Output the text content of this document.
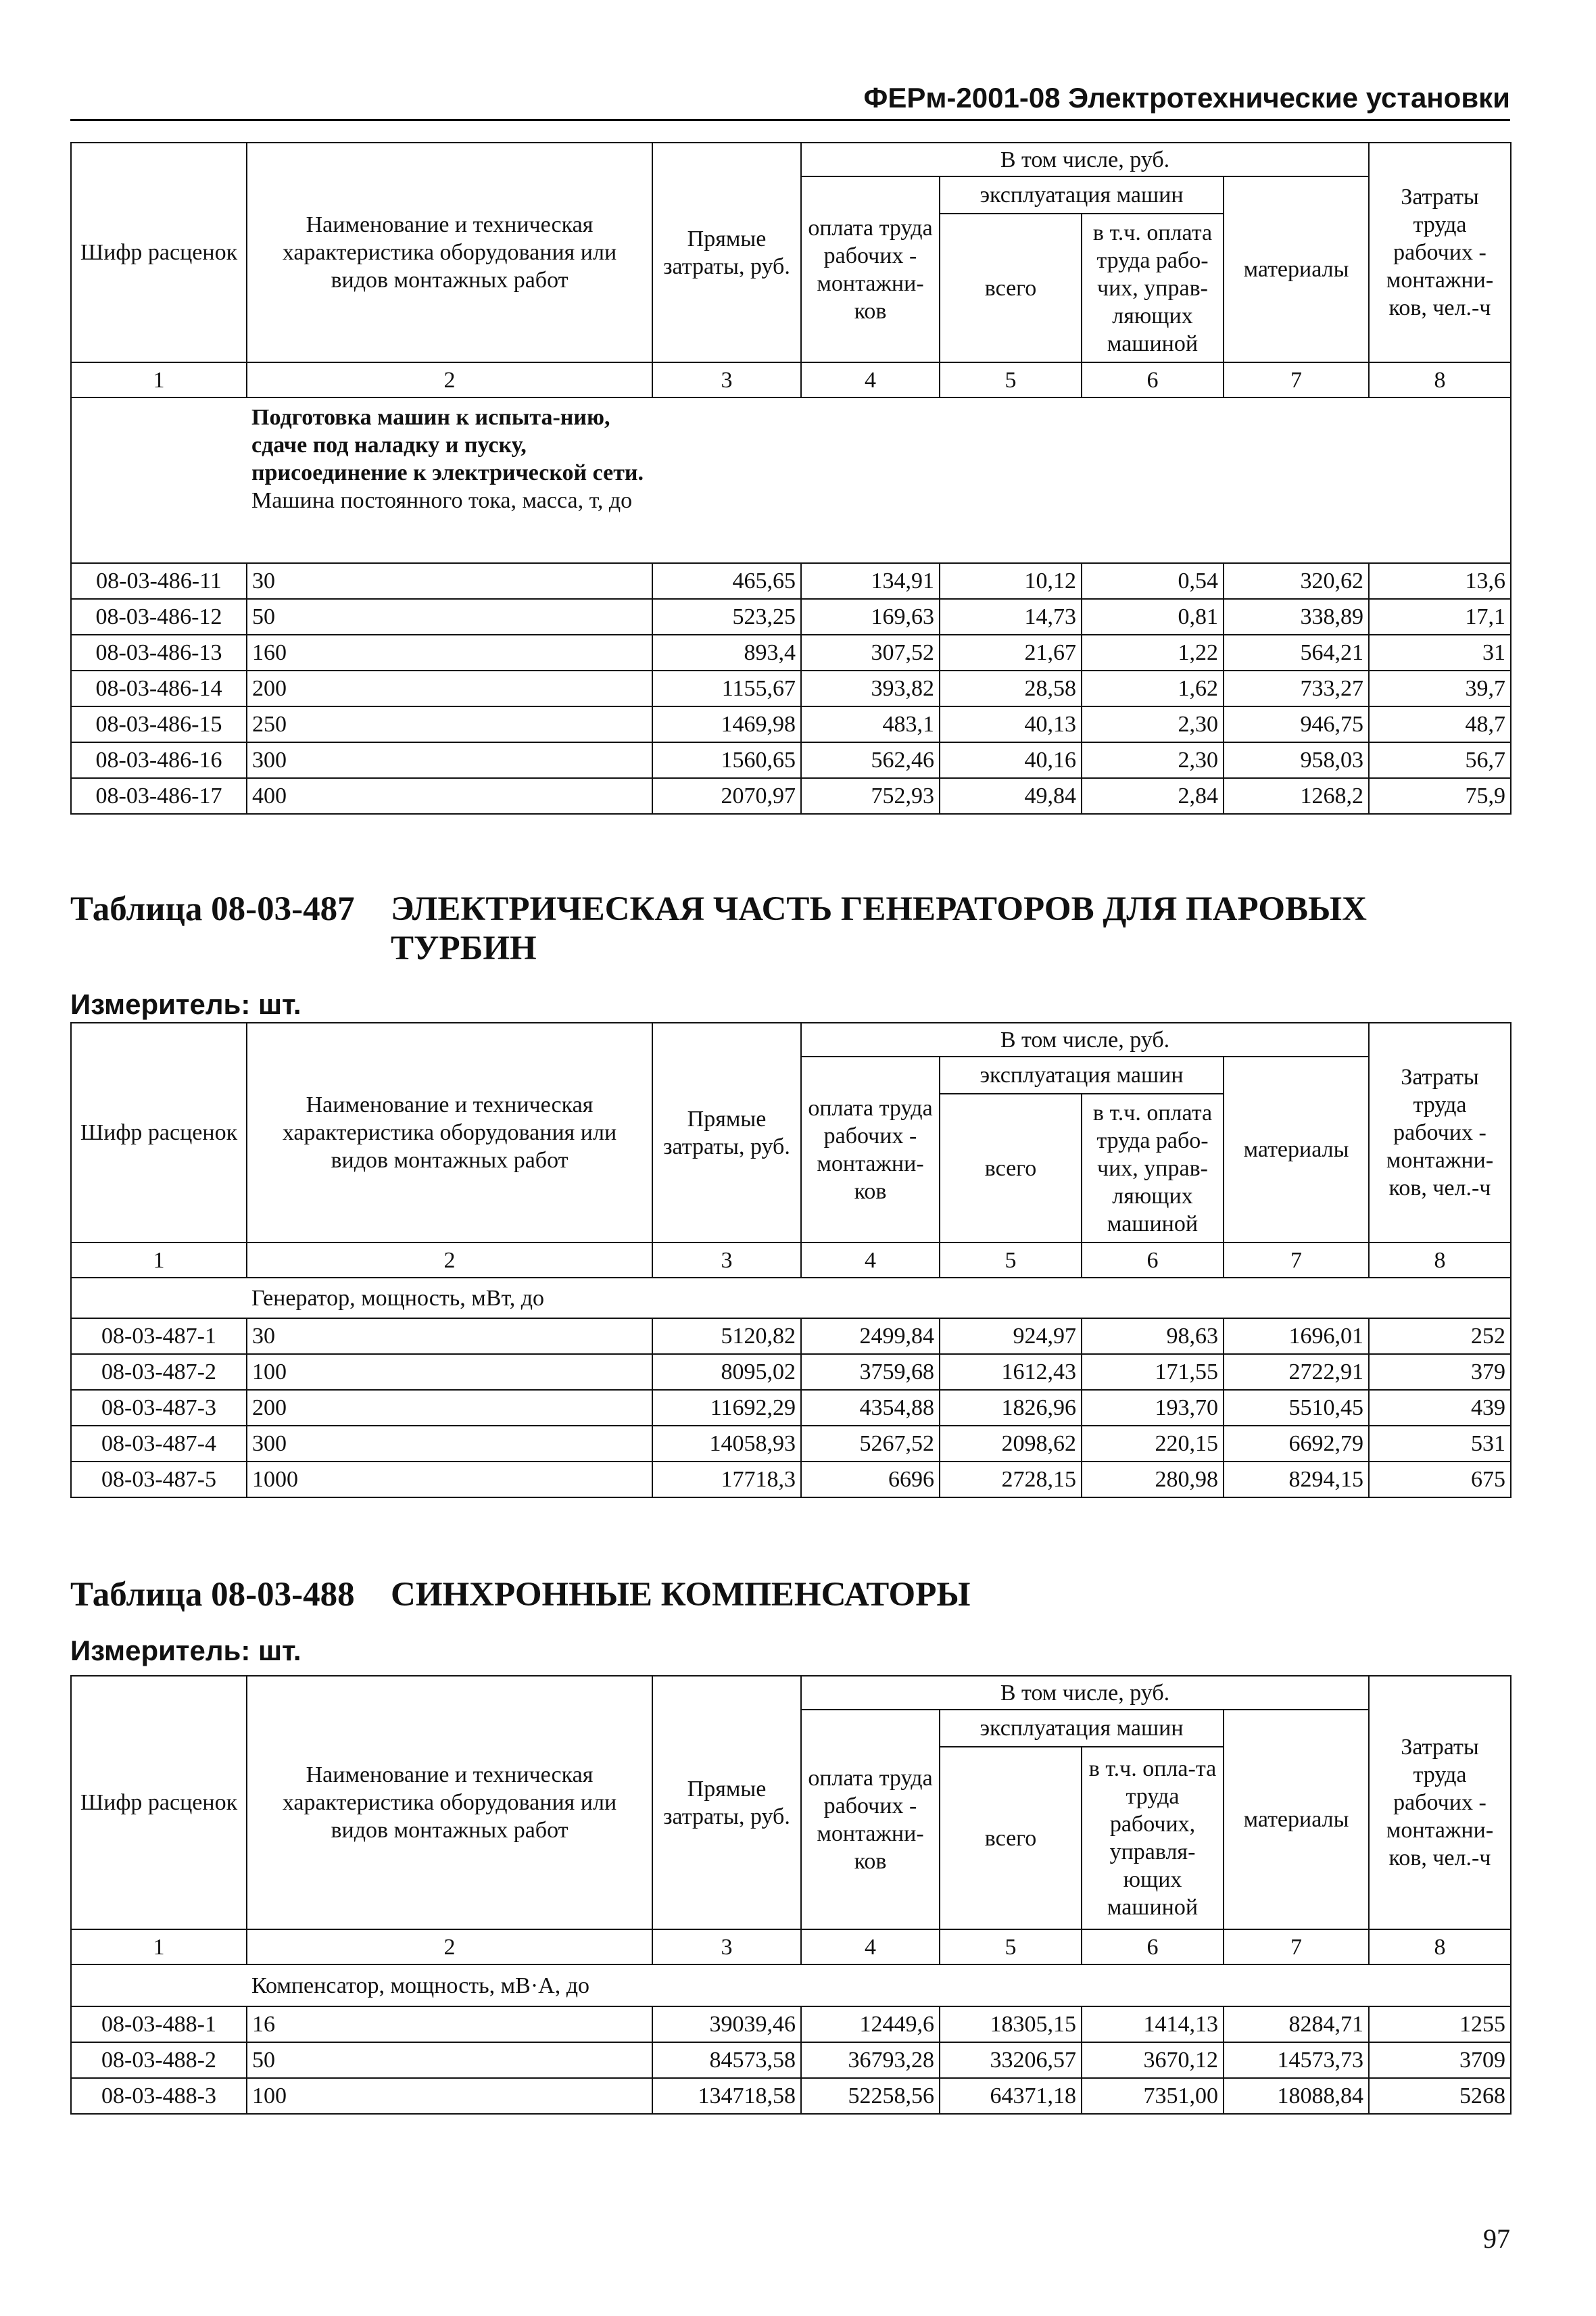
ФЕРм-2001-08 Электротехнические установки
Шифр расценок	Наименование и техническая характеристика оборудования или видов монтажных работ	Прямые затраты, руб.	В том числе, руб.				Затраты труда рабочих - монтажни-ков, чел.-ч
			оплата труда рабочих - монтажни-ков	эксплуатация машин		материалы	
				всего	в т.ч. оплата труда рабо-чих, управ-ляющих машиной		
1	2	3	4	5	6	7	8
	Подготовка машин к испыта-нию, сдаче под наладку и пуску, присоединение к электрической сети. Машина постоянного тока, масса, т, до						
08-03-486-11	30	465,65	134,91	10,12	0,54	320,62	13,6
08-03-486-12	50	523,25	169,63	14,73	0,81	338,89	17,1
08-03-486-13	160	893,4	307,52	21,67	1,22	564,21	31
08-03-486-14	200	1155,67	393,82	28,58	1,62	733,27	39,7
08-03-486-15	250	1469,98	483,1	40,13	2,30	946,75	48,7
08-03-486-16	300	1560,65	562,46	40,16	2,30	958,03	56,7
08-03-486-17	400	2070,97	752,93	49,84	2,84	1268,2	75,9
Таблица 08-03-487 ЭЛЕКТРИЧЕСКАЯ ЧАСТЬ ГЕНЕРАТОРОВ ДЛЯ ПАРОВЫХ ТУРБИН
Измеритель: шт.
Шифр расценок	Наименование и техническая характеристика оборудования или видов монтажных работ	Прямые затраты, руб.	В том числе, руб.				Затраты труда рабочих - монтажни-ков, чел.-ч
			оплата труда рабочих - монтажни-ков	эксплуатация машин		материалы	
				всего	в т.ч. оплата труда рабо-чих, управ-ляющих машиной		
1	2	3	4	5	6	7	8
	Генератор, мощность, мВт, до						
08-03-487-1	30	5120,82	2499,84	924,97	98,63	1696,01	252
08-03-487-2	100	8095,02	3759,68	1612,43	171,55	2722,91	379
08-03-487-3	200	11692,29	4354,88	1826,96	193,70	5510,45	439
08-03-487-4	300	14058,93	5267,52	2098,62	220,15	6692,79	531
08-03-487-5	1000	17718,3	6696	2728,15	280,98	8294,15	675
Таблица 08-03-488 СИНХРОННЫЕ КОМПЕНСАТОРЫ
Измеритель: шт.
Шифр расценок	Наименование и техническая характеристика оборудования или видов монтажных работ	Прямые затраты, руб.	В том числе, руб.				Затраты труда рабочих - монтажни-ков, чел.-ч
			оплата труда рабочих - монтажни-ков	эксплуатация машин		материалы	
				всего	в т.ч. опла-та труда рабочих, управля-ющих машиной		
1	2	3	4	5	6	7	8
	Компенсатор, мощность, мВ·А, до						
08-03-488-1	16	39039,46	12449,6	18305,15	1414,13	8284,71	1255
08-03-488-2	50	84573,58	36793,28	33206,57	3670,12	14573,73	3709
08-03-488-3	100	134718,58	52258,56	64371,18	7351,00	18088,84	5268
97
